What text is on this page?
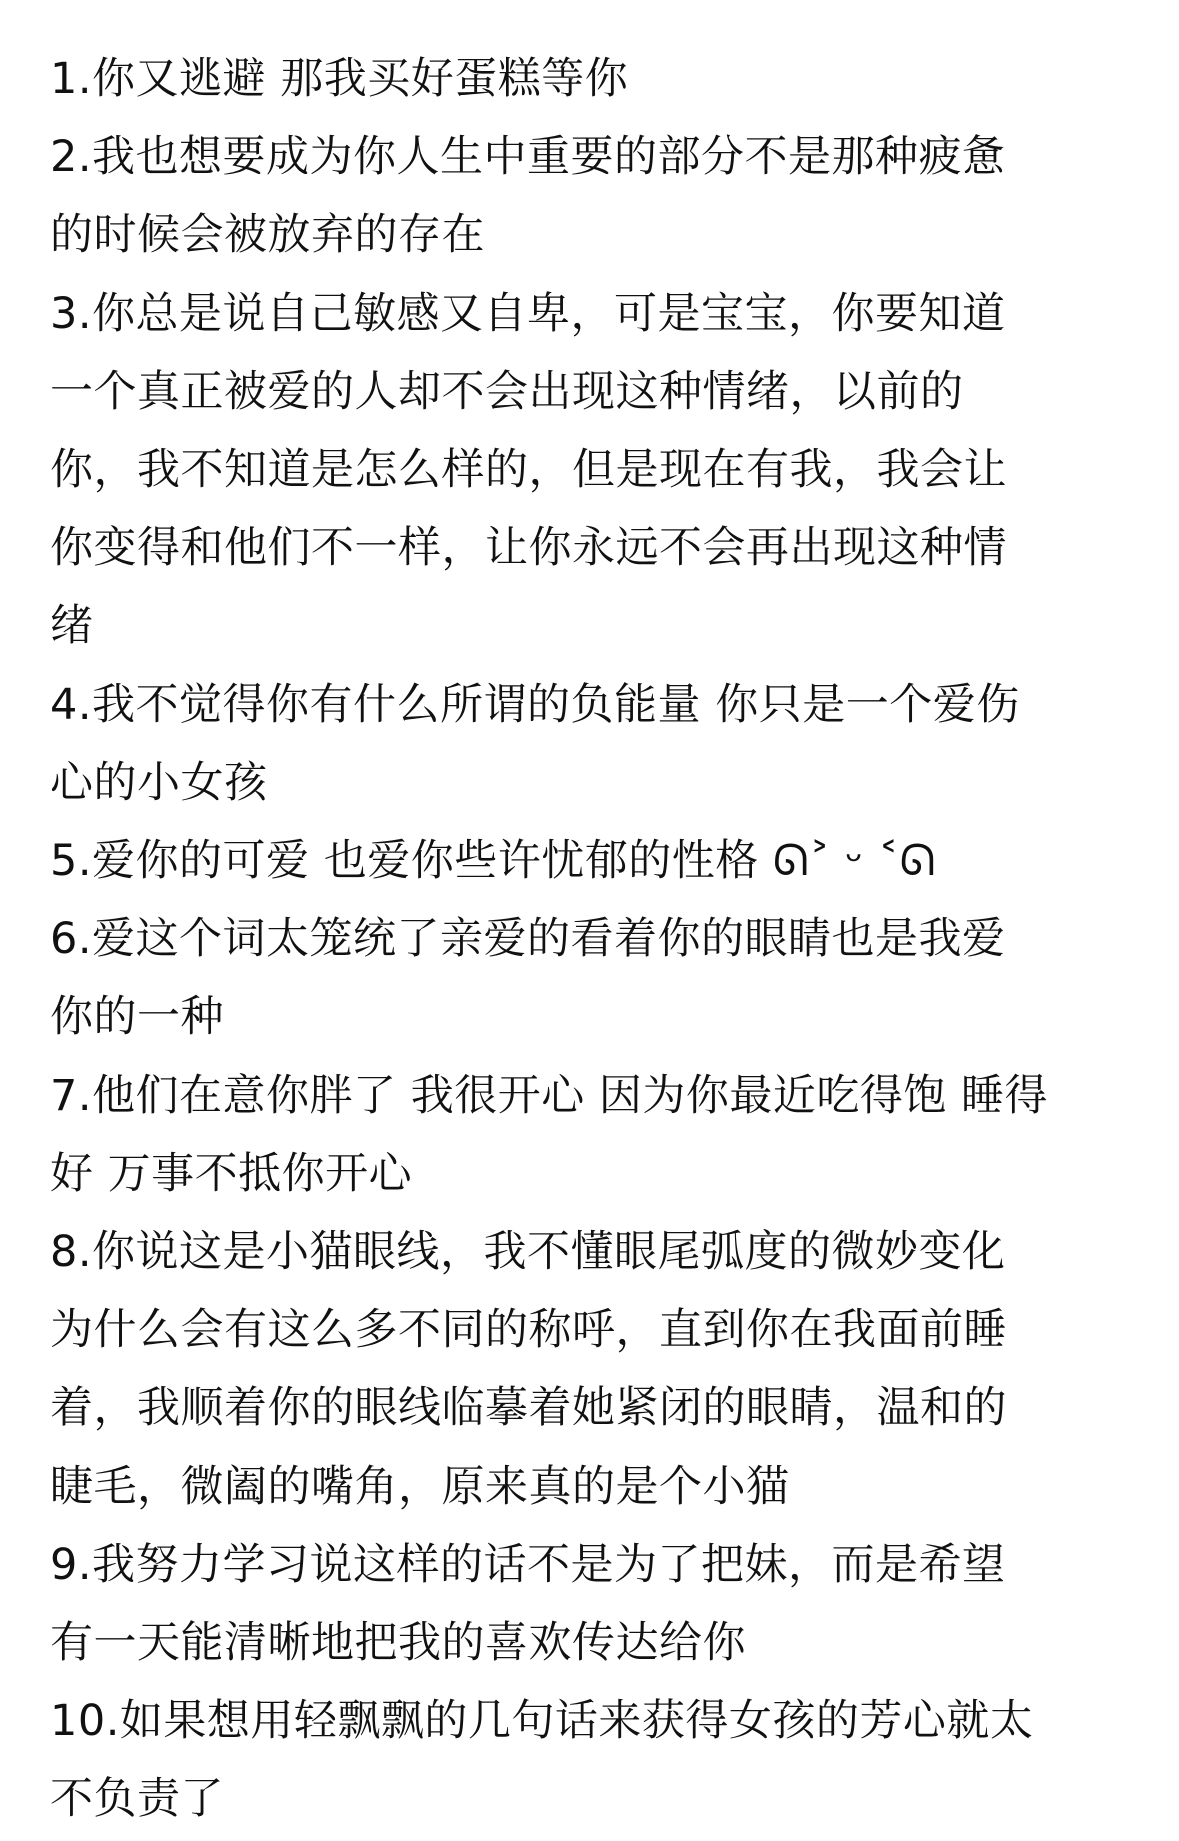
1.你又逃避 那我买好蛋糕等你

2.我也想要成为你人生中重要的部分不是那种疲惫
的时候会被放弃的存在

3.你总是说自己敏感又自卑，可是宝宝，你要知道
一个真正被爱的人却不会出现这种情绪，以前的
你，我不知道是怎么样的，但是现在有我，我会让
你变得和他们不一样，让你永远不会再出现这种情
绪

4.我不觉得你有什么所谓的负能量 你只是一个爱伤
心的小女孩

5.爱你的可爱 也爱你些许忧郁的性格 ᘏ˃ ᵕ ˂ᘏ

6.爱这个词太笼统了亲爱的看着你的眼睛也是我爱
你的一种

7.他们在意你胖了 我很开心 因为你最近吃得饱 睡得
好 万事不抵你开心

8.你说这是小猫眼线，我不懂眼尾弧度的微妙变化
为什么会有这么多不同的称呼，直到你在我面前睡
着，我顺着你的眼线临摹着她紧闭的眼睛，温和的
睫毛，微阖的嘴角，原来真的是个小猫

9.我努力学习说这样的话不是为了把妹，而是希望
有一天能清晰地把我的喜欢传达给你

10.如果想用轻飘飘的几句话来获得女孩的芳心就太
不负责了
